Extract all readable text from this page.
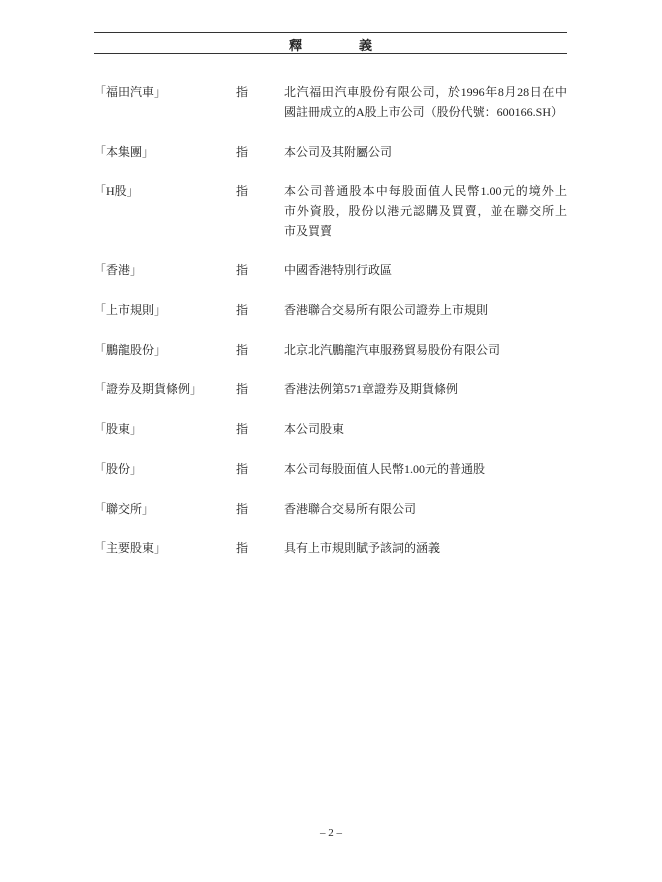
釋　義
「福田汽車」	指	北汽福田汽車股份有限公司，於1996年8月28日在中
國註冊成立的A股上市公司（股份代號：600166.SH）
「本集團」	指	本公司及其附屬公司
「H股」	指	本公司普通股本中每股面值人民幣1.00元的境外上
市外資股，股份以港元認購及買賣，並在聯交所上
市及買賣
「香港」	指	中國香港特別行政區
「上市規則」	指	香港聯合交易所有限公司證券上市規則
「鵬龍股份」	指	北京北汽鵬龍汽車服務貿易股份有限公司
「證券及期貨條例」	指	香港法例第571章證券及期貨條例
「股東」	指	本公司股東
「股份」	指	本公司每股面值人民幣1.00元的普通股
「聯交所」	指	香港聯合交易所有限公司
「主要股東」	指	具有上市規則賦予該詞的涵義
– 2 –
